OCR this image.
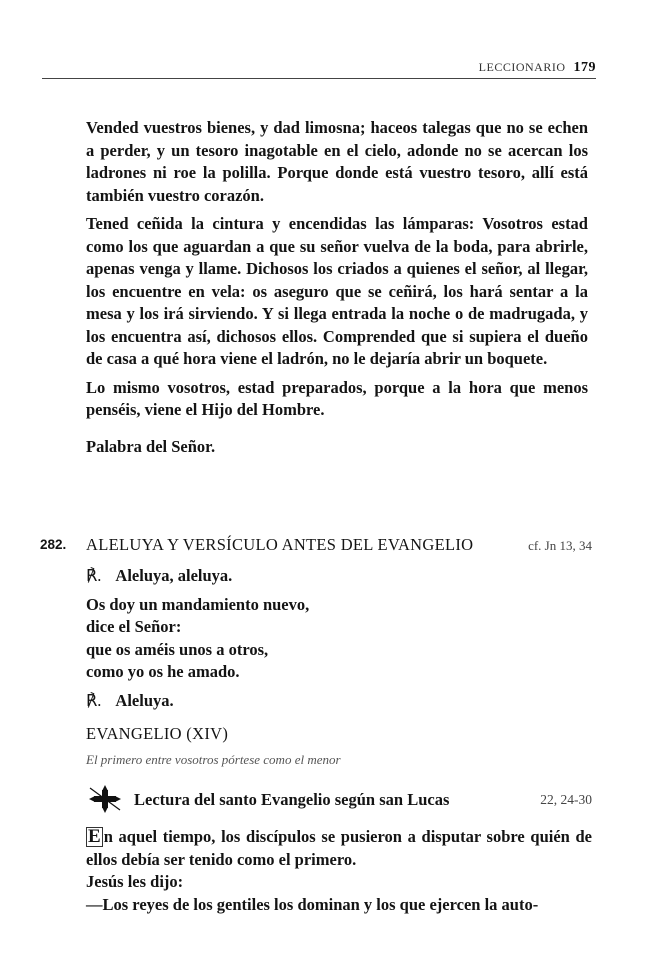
LECCIONARIO 179

Vended vuestros bienes, y dad limosna; haceos talegas que no se echen a perder, y un tesoro inagotable en el cielo, adonde no se acercan los ladrones ni roe la polilla. Porque donde está vuestro tesoro, allí está también vuestro corazón.

Tened ceñida la cintura y encendidas las lámparas: Vosotros estad como los que aguardan a que su señor vuelva de la boda, para abrirle, apenas venga y llame. Dichosos los criados a quienes el señor, al llegar, los encuentre en vela: os aseguro que se ceñirá, los hará sentar a la mesa y los irá sirviendo. Y si llega entrada la noche o de madrugada, y los encuentra así, dichosos ellos. Comprended que si supiera el dueño de casa a qué hora viene el ladrón, no le dejaría abrir un boquete.

Lo mismo vosotros, estad preparados, porque a la hora que menos penséis, viene el Hijo del Hombre.

Palabra del Señor.

282. ALELUYA Y VERSÍCULO ANTES DEL EVANGELIO	cf. Jn 13, 34
℟. Aleluya, aleluya.
Os doy un mandamiento nuevo,
dice el Señor:
que os améis unos a otros,
como yo os he amado.
℟. Aleluya.
EVANGELIO (XIV)
El primero entre vosotros pórtese como el menor
Lectura del santo Evangelio según san Lucas	22, 24-30

E n aquel tiempo, los discípulos se pusieron a disputar sobre quién de ellos debía ser tenido como el primero.

Jesús les dijo:

—Los reyes de los gentiles los dominan y los que ejercen la auto-
